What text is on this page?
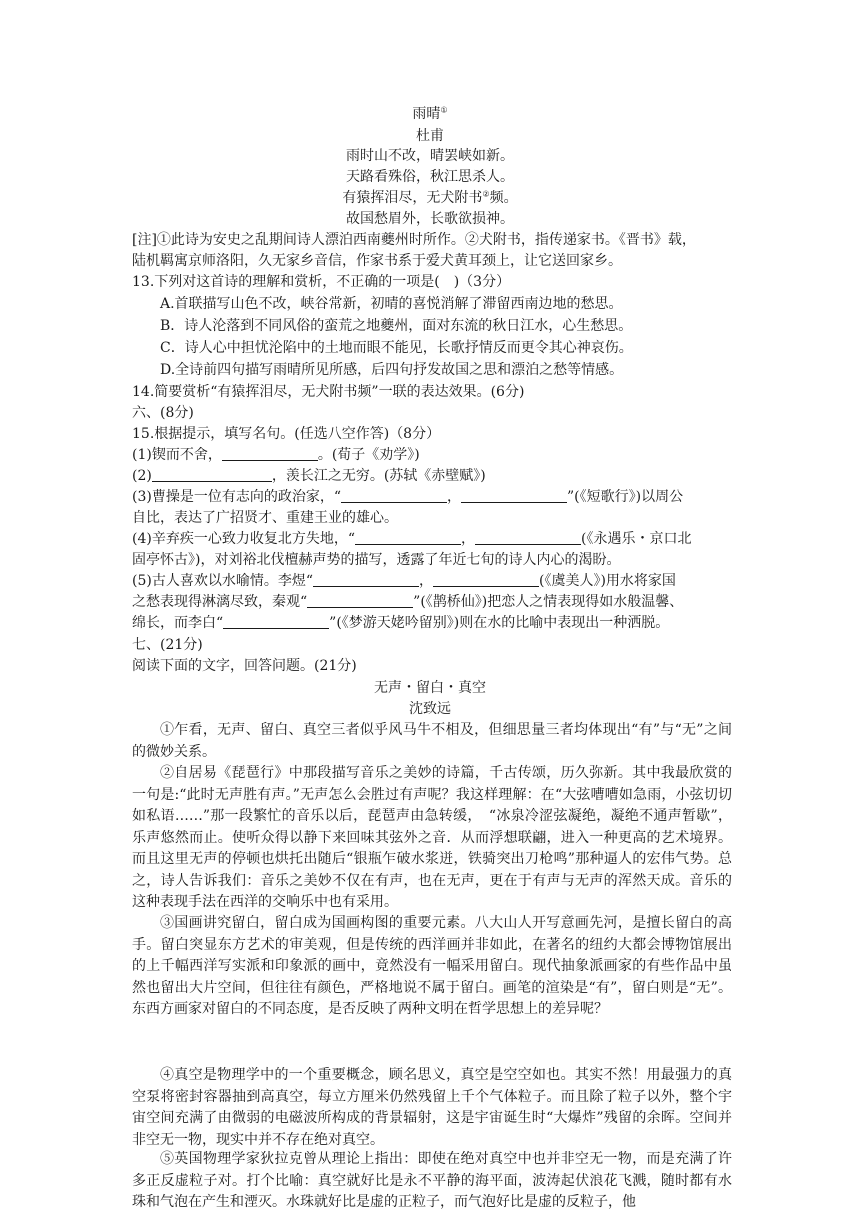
雨晴①
杜甫
雨时山不改，晴罢峡如新。
天路看殊俗，秋江思杀人。
有猿挥泪尽，无犬附书②频。
故国愁眉外，长歌欲损神。
[注]①此诗为安史之乱期间诗人漂泊西南夔州时所作。②犬附书，指传递家书。《晋书》载，
陆机羁寓京师洛阳，久无家乡音信，作家书系于爱犬黄耳颈上，让它送回家乡。
13.下列对这首诗的理解和赏析，不正确的一项是(　)（3分）
A.首联描写山色不改，峡谷常新，初晴的喜悦消解了滞留西南边地的愁思。
B．诗人沦落到不同风俗的蛮荒之地夔州，面对东流的秋日江水，心生愁思。
C．诗人心中担忧沦陷中的土地而眼不能见，长歌抒情反而更令其心神哀伤。
D.全诗前四句描写雨晴所见所感，后四句抒发故国之思和漂泊之愁等情感。
14.简要赏析“有猿挥泪尽，无犬附书频”一联的表达效果。(6分)
六、(8分)
15.根据提示，填写名句。(任选八空作答)（8分）
(1)锲而不舍，	。(荀子《劝学》)
(2)	，羡长江之无穷。(苏轼《赤壁赋》)
(3)曹操是一位有志向的政治家，“	，	”(《短歌行》)以周公
自比，表达了广招贤才、重建王业的雄心。
(4)辛弃疾一心致力收复北方失地，“	，	(《永遇乐・京口北
固亭怀古》)，对刘裕北伐檀赫声势的描写，透露了年近七旬的诗人内心的渴盼。
(5)古人喜欢以水喻情。李煜“	，	(《虞美人》)用水将家国
之愁表现得淋漓尽致，秦观“	”(《鹊桥仙》)把恋人之情表现得如水般温馨、
绵长，而李白“	”(《梦游天姥吟留别》)则在水的比喻中表现出一种洒脱。
七、(21分)
阅读下面的文字，回答问题。(21分)
无声・留白・真空
沈致远

①乍看，无声、留白、真空三者似乎风马牛不相及，但细思量三者均体现出“有”与“无”之间的微妙关系。

②自居易《琵琶行》中那段描写音乐之美妙的诗篇，千古传颂，历久弥新。其中我最欣赏的一句是:“此时无声胜有声。”无声怎么会胜过有声呢？我这样理解：在“大弦嘈嘈如急雨，小弦切切如私语……”那一段繁忙的音乐以后，琵琶声由急转缓，　“冰泉冷涩弦凝绝，凝绝不通声暂歇”，乐声悠然而止。使听众得以静下来回味其弦外之音．从而浮想联翩，进入一种更高的艺术境界。而且这里无声的停顿也烘托出随后“银瓶乍破水浆迸，铁骑突出刀枪鸣”那种逼人的宏伟气势。总之，诗人告诉我们：音乐之美妙不仅在有声，也在无声，更在于有声与无声的浑然天成。音乐的这种表现手法在西洋的交响乐中也有采用。

③国画讲究留白，留白成为国画构图的重要元素。八大山人开写意画先河，是擅长留白的高手。留白突显东方艺术的审美观，但是传统的西洋画并非如此，在著名的纽约大都会博物馆展出的上千幅西洋写实派和印象派的画中，竟然没有一幅采用留白。现代抽象派画家的有些作品中虽然也留出大片空间，但往往有颜色，严格地说不属于留白。画笔的渲染是“有”，留白则是“无”。东西方画家对留白的不同态度，是否反映了两种文明在哲学思想上的差异呢？

④真空是物理学中的一个重要概念，顾名思义，真空是空空如也。其实不然！用最强力的真空泵将密封容器抽到高真空，每立方厘米仍然残留上千个气体粒子。而且除了粒子以外，整个宇宙空间充满了由微弱的电磁波所构成的背景辐射，这是宇宙诞生时“大爆炸”残留的余晖。空间并非空无一物，现实中并不存在绝对真空。

⑤英国物理学家狄拉克曾从理论上指出：即使在绝对真空中也并非空无一物，而是充满了许多正反虚粒子对。打个比喻：真空就好比是永不平静的海平面，波涛起伏浪花飞溅，随时都有水珠和气泡在产生和湮灭。水珠就好比是虚的正粒子，而气泡好比是虚的反粒子，他
